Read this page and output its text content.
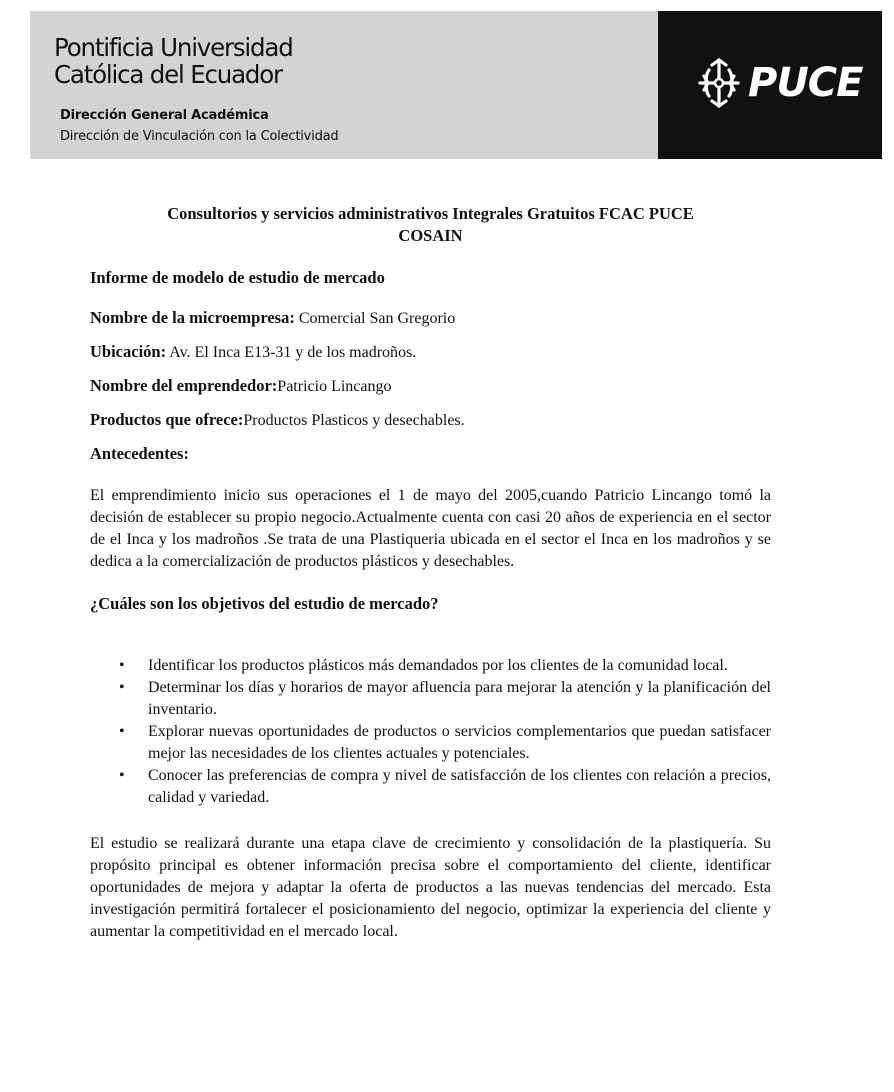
Pontificia Universidad
Católica del Ecuador
Dirección General Académica
Dirección de Vinculación con la Colectividad
PUCE
Consultorios y servicios administrativos Integrales Gratuitos FCAC PUCE
COSAIN

Informe de modelo de estudio de mercado

Nombre de la microempresa: Comercial San Gregorio

Ubicación: Av. El Inca E13-31 y de los madroños.

Nombre del emprendedor:Patricio Lincango

Productos que ofrece:Productos Plasticos y desechables.

Antecedentes:

El emprendimiento inicio sus operaciones el 1 de mayo del 2005,cuando Patricio Lincango tomó la decisión de establecer su propio negocio.Actualmente cuenta con casi 20 años de experiencia en el sector de el Inca y los madroños .Se trata de una Plastiqueria ubicada en el sector el Inca en los madroños y se dedica a la comercialización de productos plásticos y desechables.

¿Cuáles son los objetivos del estudio de mercado?

• Identificar los productos plásticos más demandados por los clientes de la comunidad local.
• Determinar los días y horarios de mayor afluencia para mejorar la atención y la planificación del inventario.
• Explorar nuevas oportunidades de productos o servicios complementarios que puedan satisfacer mejor las necesidades de los clientes actuales y potenciales.
• Conocer las preferencias de compra y nivel de satisfacción de los clientes con relación a precios, calidad y variedad.

El estudio se realizará durante una etapa clave de crecimiento y consolidación de la plastiquería. Su propósito principal es obtener información precisa sobre el comportamiento del cliente, identificar oportunidades de mejora y adaptar la oferta de productos a las nuevas tendencias del mercado. Esta investigación permitirá fortalecer el posicionamiento del negocio, optimizar la experiencia del cliente y aumentar la competitividad en el mercado local.
